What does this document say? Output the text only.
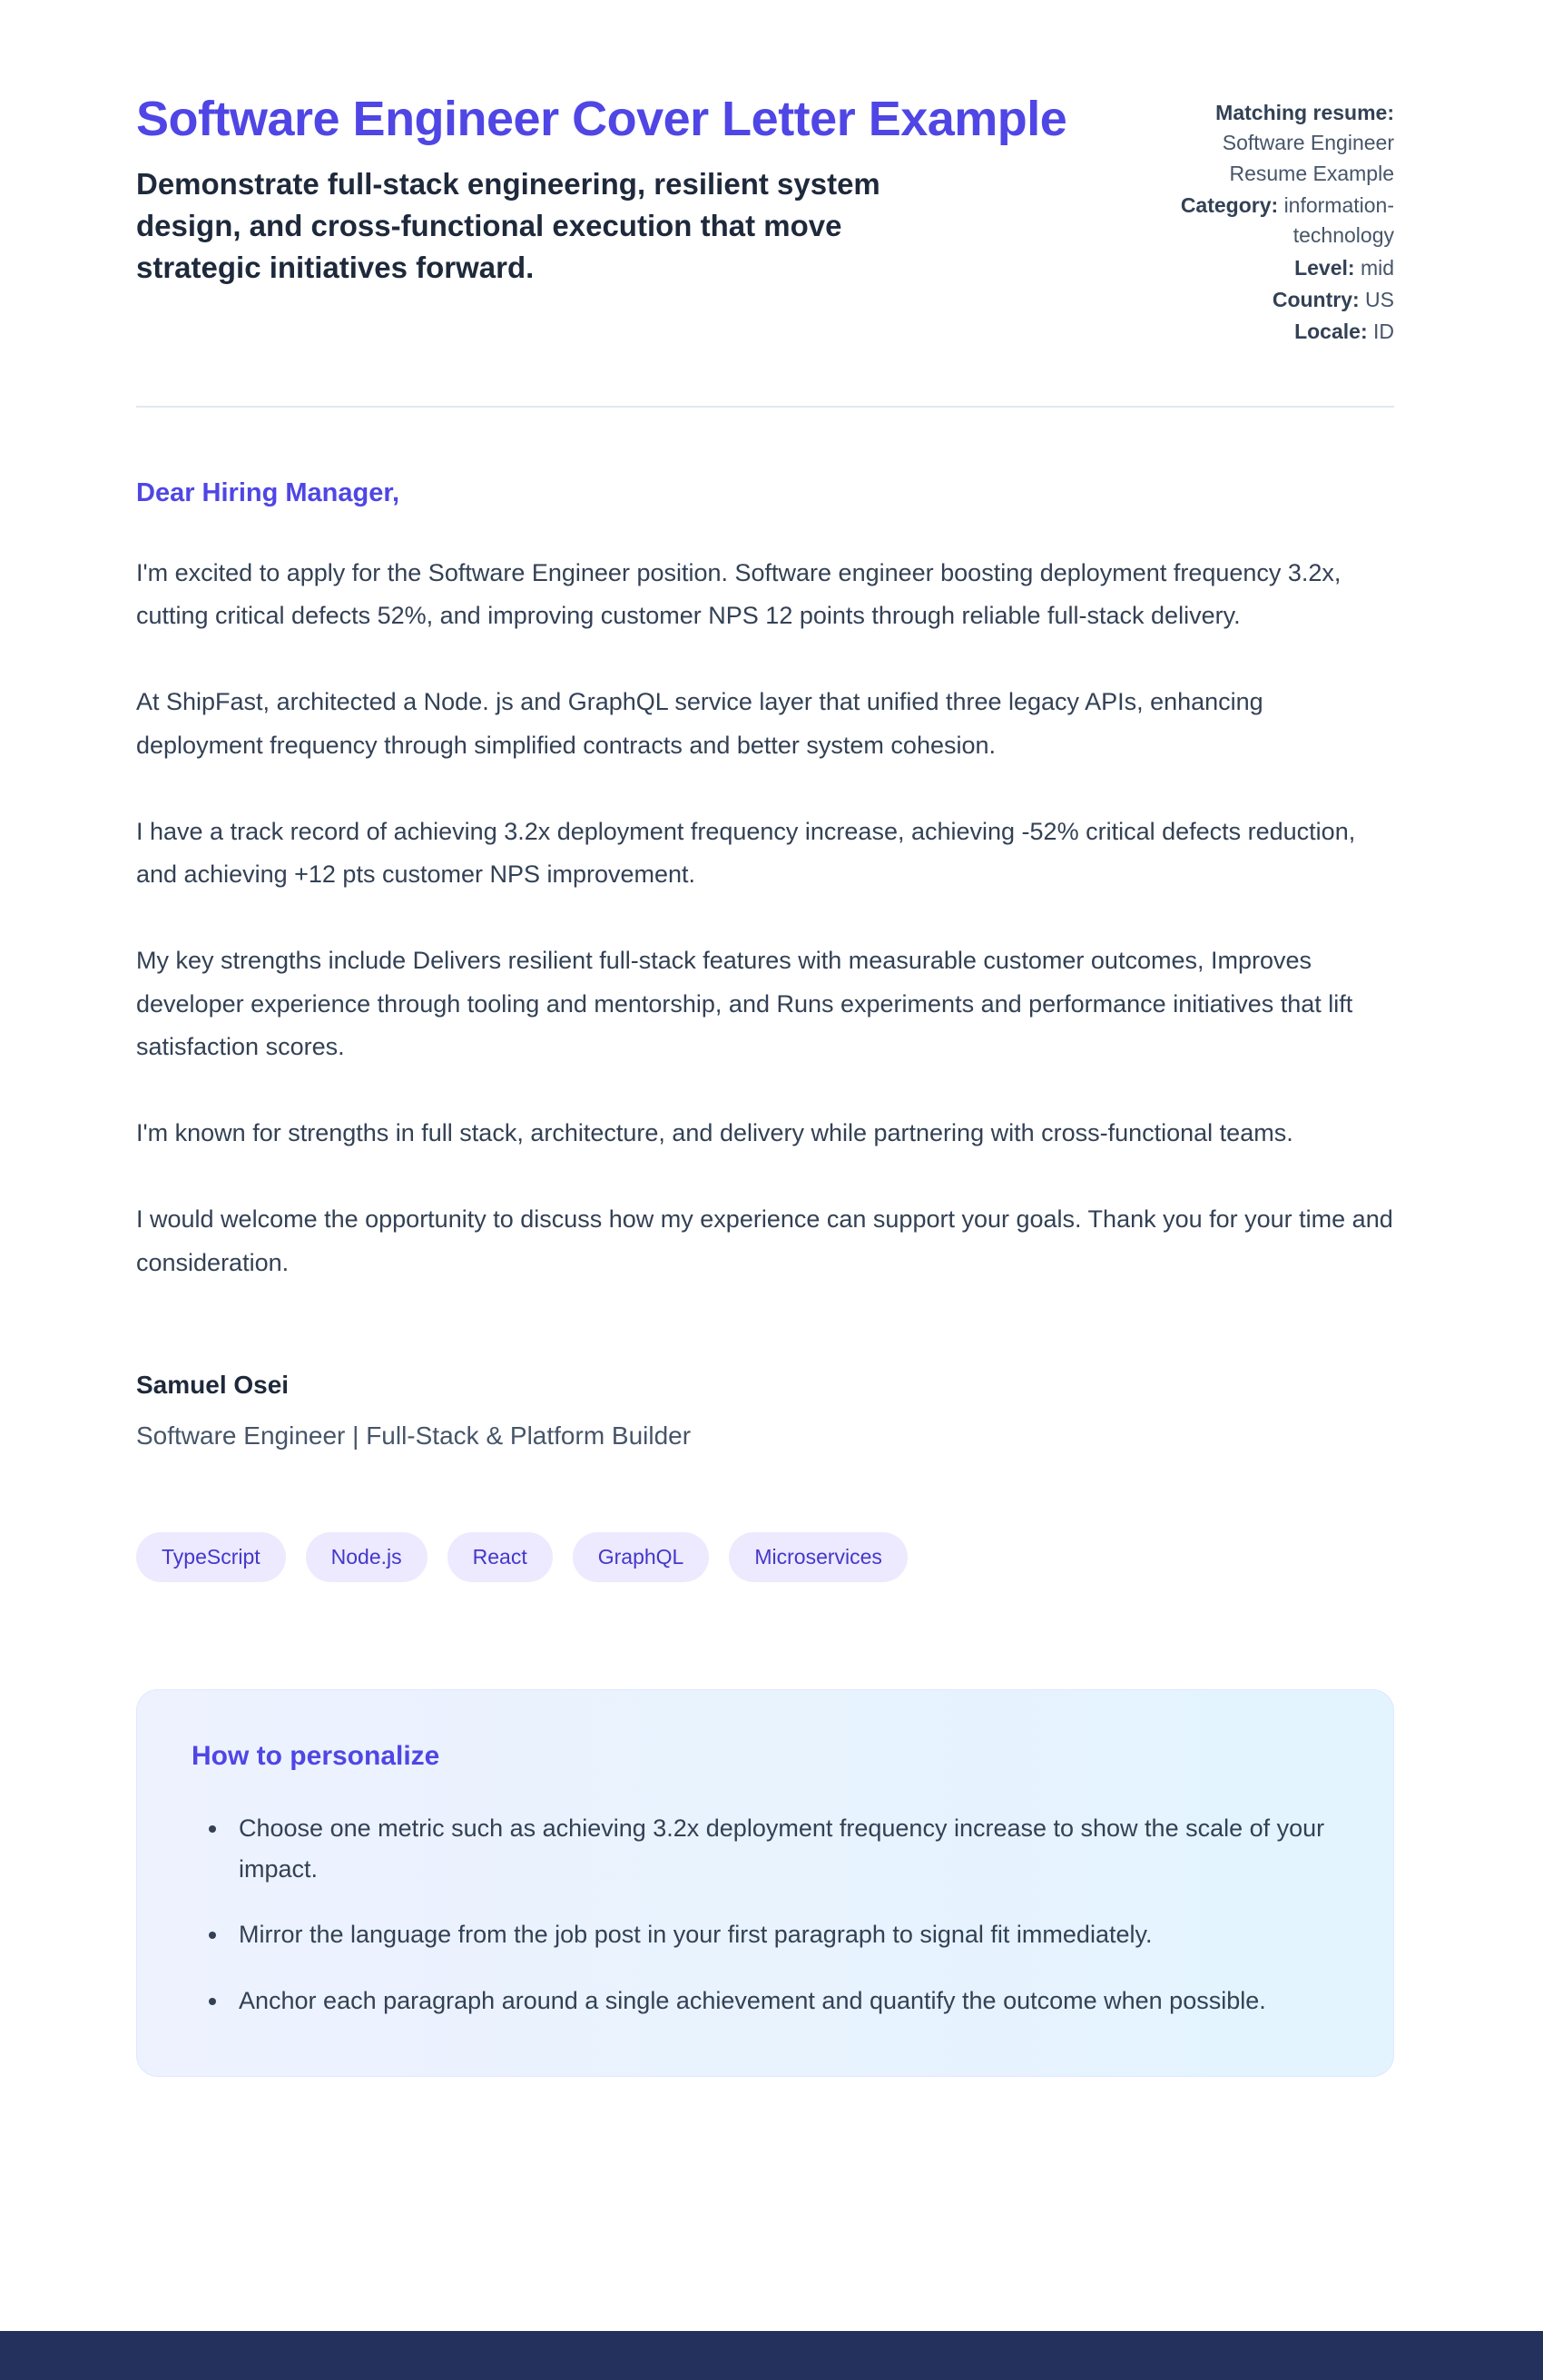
Software Engineer Cover Letter Example
Demonstrate full-stack engineering, resilient system design, and cross-functional execution that move strategic initiatives forward.
Matching resume: Software Engineer Resume Example
Category: information-technology
Level: mid
Country: US
Locale: ID

Dear Hiring Manager,

I'm excited to apply for the Software Engineer position. Software engineer boosting deployment frequency 3.2x, cutting critical defects 52%, and improving customer NPS 12 points through reliable full-stack delivery.

At ShipFast, architected a Node. js and GraphQL service layer that unified three legacy APIs, enhancing deployment frequency through simplified contracts and better system cohesion.

I have a track record of achieving 3.2x deployment frequency increase, achieving -52% critical defects reduction, and achieving +12 pts customer NPS improvement.

My key strengths include Delivers resilient full-stack features with measurable customer outcomes, Improves developer experience through tooling and mentorship, and Runs experiments and performance initiatives that lift satisfaction scores.

I'm known for strengths in full stack, architecture, and delivery while partnering with cross-functional teams.

I would welcome the opportunity to discuss how my experience can support your goals. Thank you for your time and consideration.

Samuel Osei

Software Engineer | Full-Stack & Platform Builder

TypeScript	Node.js	React	GraphQL	Microservices
How to personalize
• Choose one metric such as achieving 3.2x deployment frequency increase to show the scale of your impact.
• Mirror the language from the job post in your first paragraph to signal fit immediately.
• Anchor each paragraph around a single achievement and quantify the outcome when possible.
